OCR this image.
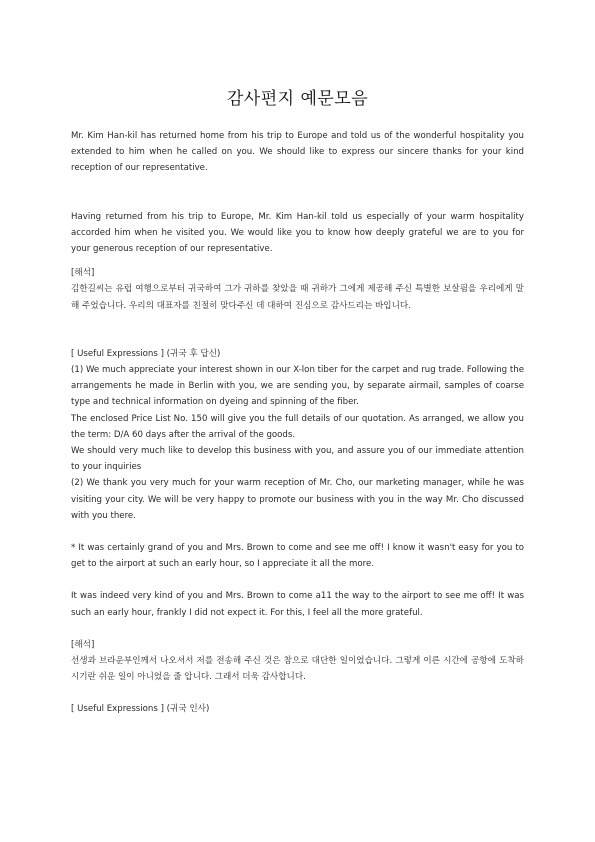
감사편지 예문모음

Mr. Kim Han-kil has returned home from his trip to Europe and told us of the wonderful hospitality you extended to him when he called on you. We should like to express our sincere thanks for your kind reception of our representative.

Having returned from his trip to Europe, Mr. Kim Han-kil told us especially of your warm hospitality accorded him when he visited you. We would like you to know how deeply grateful we are to you for your generous reception of our representative.

[해석]

김한길씨는 유럽 여행으로부터 귀국하여 그가 귀하를 찾았을 때 귀하가 그에게 제공해 주신 특별한 보살핌을 우리에게 말해 주었습니다. 우리의 대표자를 친절히 맞다주신 데 대하여 진심으로 감사드리는 바입니다.

[ Useful Expressions ] (귀국 후 답신)

(1) We much appreciate your interest shown in our X-lon tiber for the carpet and rug trade. Following the arrangements he made in Berlin with you, we are sending you, by separate airmail, samples of coarse type and technical information on dyeing and spinning of the fiber.

The enclosed Price List No. 150 will give you the full details of our quotation. As arranged, we allow you the term: D/A 60 days after the arrival of the goods.

We should very much like to develop this business with you, and assure you of our immediate attention to your inquiries

(2) We thank you very much for your warm reception of Mr. Cho, our marketing manager, while he was visiting your city. We will be very happy to promote our business with you in the way Mr. Cho discussed with you there.

* It was certainly grand of you and Mrs. Brown to come and see me off! I know it wasn't easy for you to get to the airport at such an early hour, so I appreciate it all the more.

It was indeed very kind of you and Mrs. Brown to come a11 the way to the airport to see me off! It was such an early hour, frankly I did not expect it. For this, I feel all the more grateful.

[해석]

선생과 브라운부인께서 나오셔서 저를 전송해 주신 것은 참으로 대단한 일이었습니다. 그렇게 이른 시간에 공항에 도착하시기란 쉬운 일이 아니었을 줄 압니다. 그래서 더욱 감사합니다.

[ Useful Expressions ] (귀국 인사)
